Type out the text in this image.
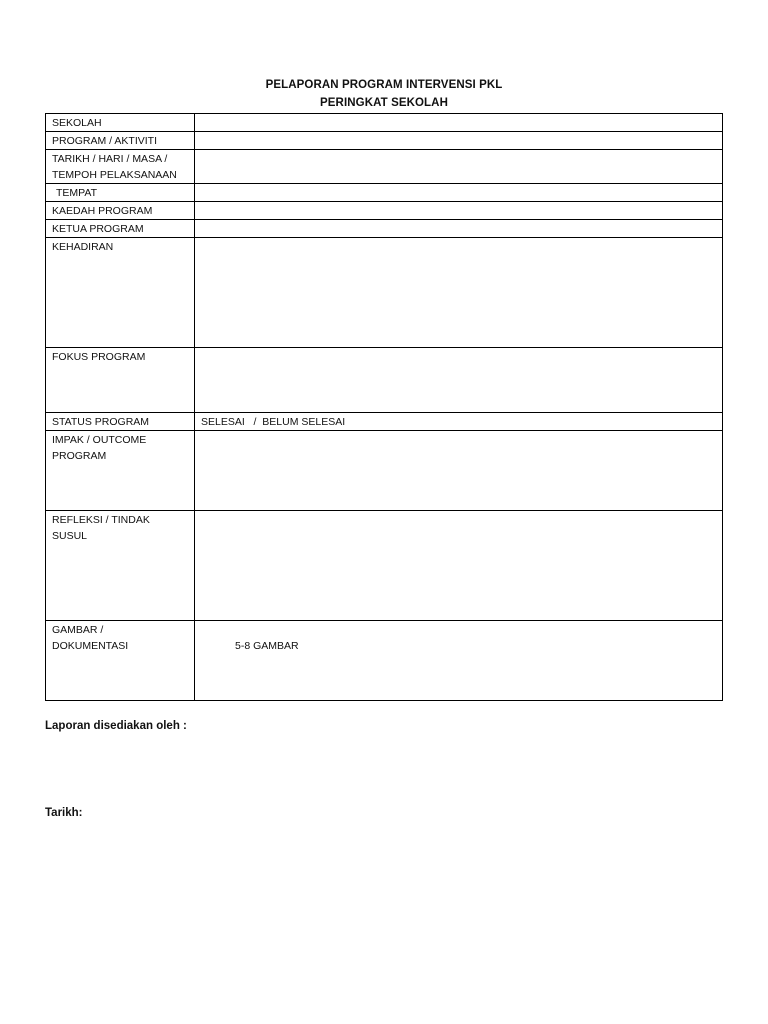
PELAPORAN PROGRAM INTERVENSI PKL
PERINGKAT SEKOLAH
SEKOLAH	

PROGRAM / AKTIVITI	

TARIKH / HARI / MASA /
TEMPOH PELAKSANAAN	

TEMPAT	

KAEDAH PROGRAM	

KETUA PROGRAM	

KEHADIRAN	

FOKUS PROGRAM	

STATUS PROGRAM	SELESAI   /  BELUM SELESAI

IMPAK / OUTCOME
PROGRAM	

REFLEKSI / TINDAK
SUSUL	

GAMBAR /
DOKUMENTASI	5-8 GAMBAR
Laporan disediakan oleh :
Tarikh:
